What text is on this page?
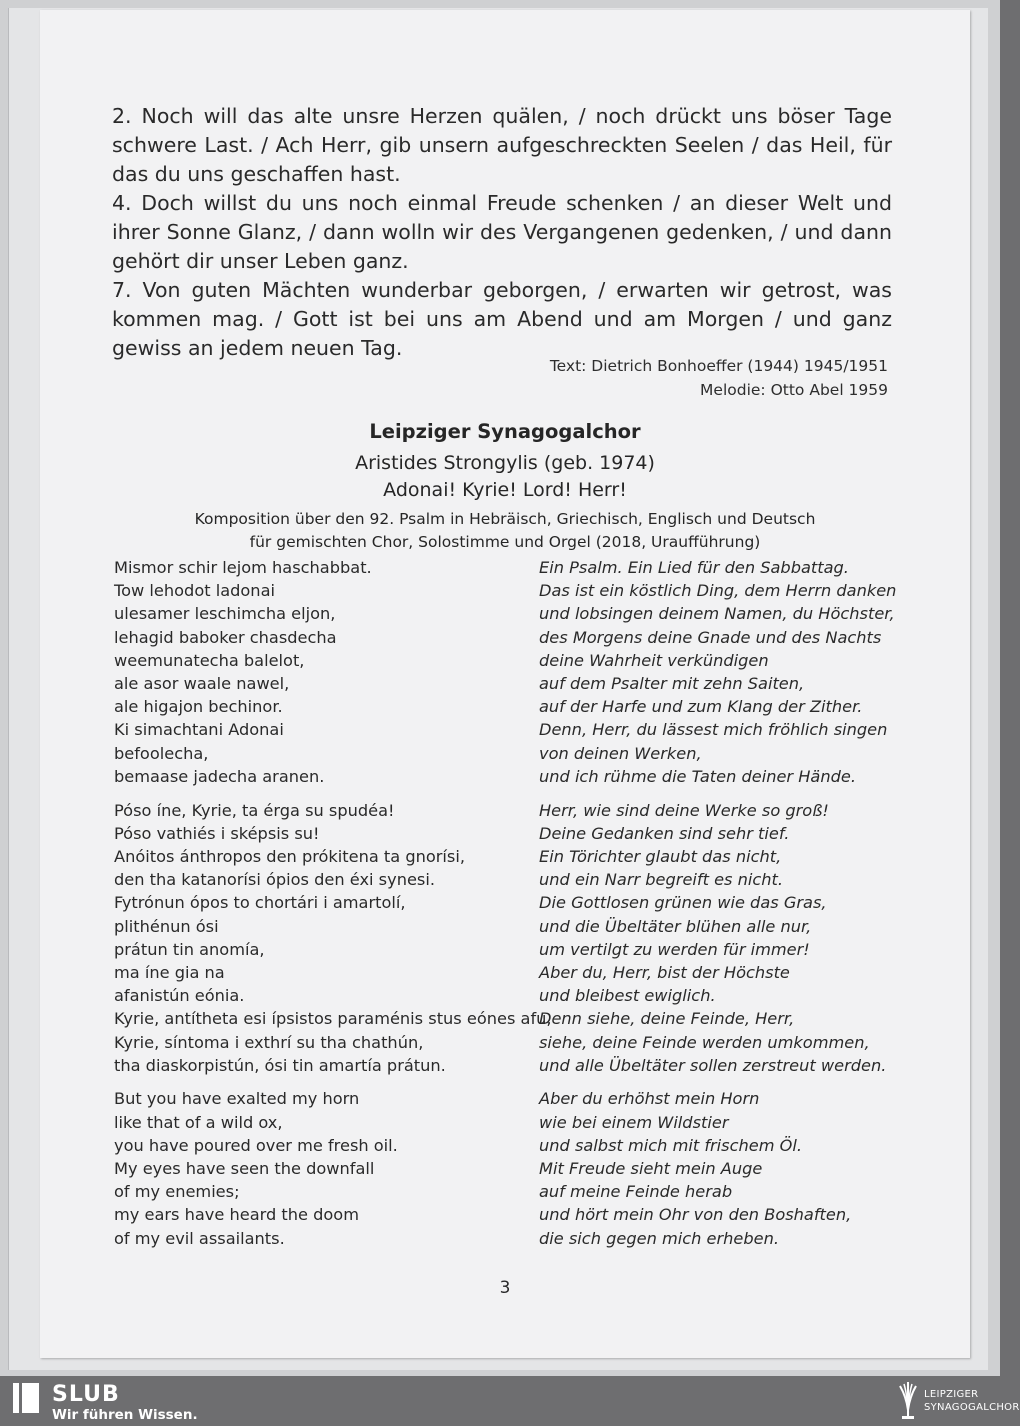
2. Noch will das alte unsre Herzen quälen, / noch drückt uns böser Tage schwere Last. / Ach Herr, gib unsern aufgeschreckten Seelen / das Heil, für das du uns geschaffen hast.

4. Doch willst du uns noch einmal Freude schenken / an dieser Welt und ihrer Sonne Glanz, / dann wolln wir des Vergangenen gedenken, / und dann gehört dir unser Leben ganz.

7. Von guten Mächten wunderbar geborgen, / erwarten wir getrost, was kommen mag. / Gott ist bei uns am Abend und am Morgen / und ganz gewiss an jedem neuen Tag.

Text: Dietrich Bonhoeffer (1944) 1945/1951
Melodie: Otto Abel 1959
Leipziger Synagogalchor
Aristides Strongylis (geb. 1974)
Adonai! Kyrie! Lord! Herr!
Komposition über den 92. Psalm in Hebräisch, Griechisch, Englisch und Deutsch
für gemischten Chor, Solostimme und Orgel (2018, Uraufführung)
Mismor schir lejom haschabbat.
Tow lehodot ladonai
ulesamer leschimcha eljon,
lehagid baboker chasdecha
weemunatecha balelot,
ale asor waale nawel,
ale higajon bechinor.
Ki simachtani Adonai
befoolecha,
bemaase jadecha aranen.
Póso íne, Kyrie, ta érga su spudéa!
Póso vathiés i sképsis su!
Anóitos ánthropos den prókitena ta gnorísi,
den tha katanorísi ópios den éxi synesi.
Fytrónun ópos to chortári i amartolí,
plithénun ósi
prátun tin anomía,
ma íne gia na
afanistún eónia.
Kyrie, antítheta esi ípsistos paraménis stus eónes afu,
Kyrie, síntoma i exthrí su tha chathún,
tha diaskorpistún, ósi tin amartía prátun.
But you have exalted my horn
like that of a wild ox,
you have poured over me fresh oil.
My eyes have seen the downfall
of my enemies;
my ears have heard the doom
of my evil assailants.
Ein Psalm. Ein Lied für den Sabbattag.
Das ist ein köstlich Ding, dem Herrn danken
und lobsingen deinem Namen, du Höchster,
des Morgens deine Gnade und des Nachts
deine Wahrheit verkündigen
auf dem Psalter mit zehn Saiten,
auf der Harfe und zum Klang der Zither.
Denn, Herr, du lässest mich fröhlich singen
von deinen Werken,
und ich rühme die Taten deiner Hände.
Herr, wie sind deine Werke so groß!
Deine Gedanken sind sehr tief.
Ein Törichter glaubt das nicht,
und ein Narr begreift es nicht.
Die Gottlosen grünen wie das Gras,
und die Übeltäter blühen alle nur,
um vertilgt zu werden für immer!
Aber du, Herr, bist der Höchste
und bleibest ewiglich.
Denn siehe, deine Feinde, Herr,
siehe, deine Feinde werden umkommen,
und alle Übeltäter sollen zerstreut werden.
Aber du erhöhst mein Horn
wie bei einem Wildstier
und salbst mich mit frischem Öl.
Mit Freude sieht mein Auge
auf meine Feinde herab
und hört mein Ohr von den Boshaften,
die sich gegen mich erheben.
3
SLUB
Wir führen Wissen.
LEIPZIGER
SYNAGOGALCHOR
